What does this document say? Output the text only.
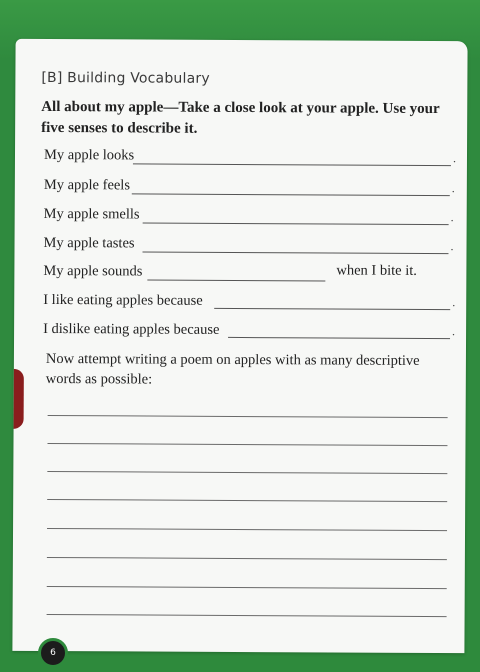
[B] Building Vocabulary
All about my apple—Take a close look at your apple. Use your five senses to describe it.
My apple looks	.
My apple feels	.
My apple smells	.
My apple tastes	.
My apple sounds	when I bite it.
I like eating apples because	.
I dislike eating apples because	.
Now attempt writing a poem on apples with as many descriptive words as possible:
6
